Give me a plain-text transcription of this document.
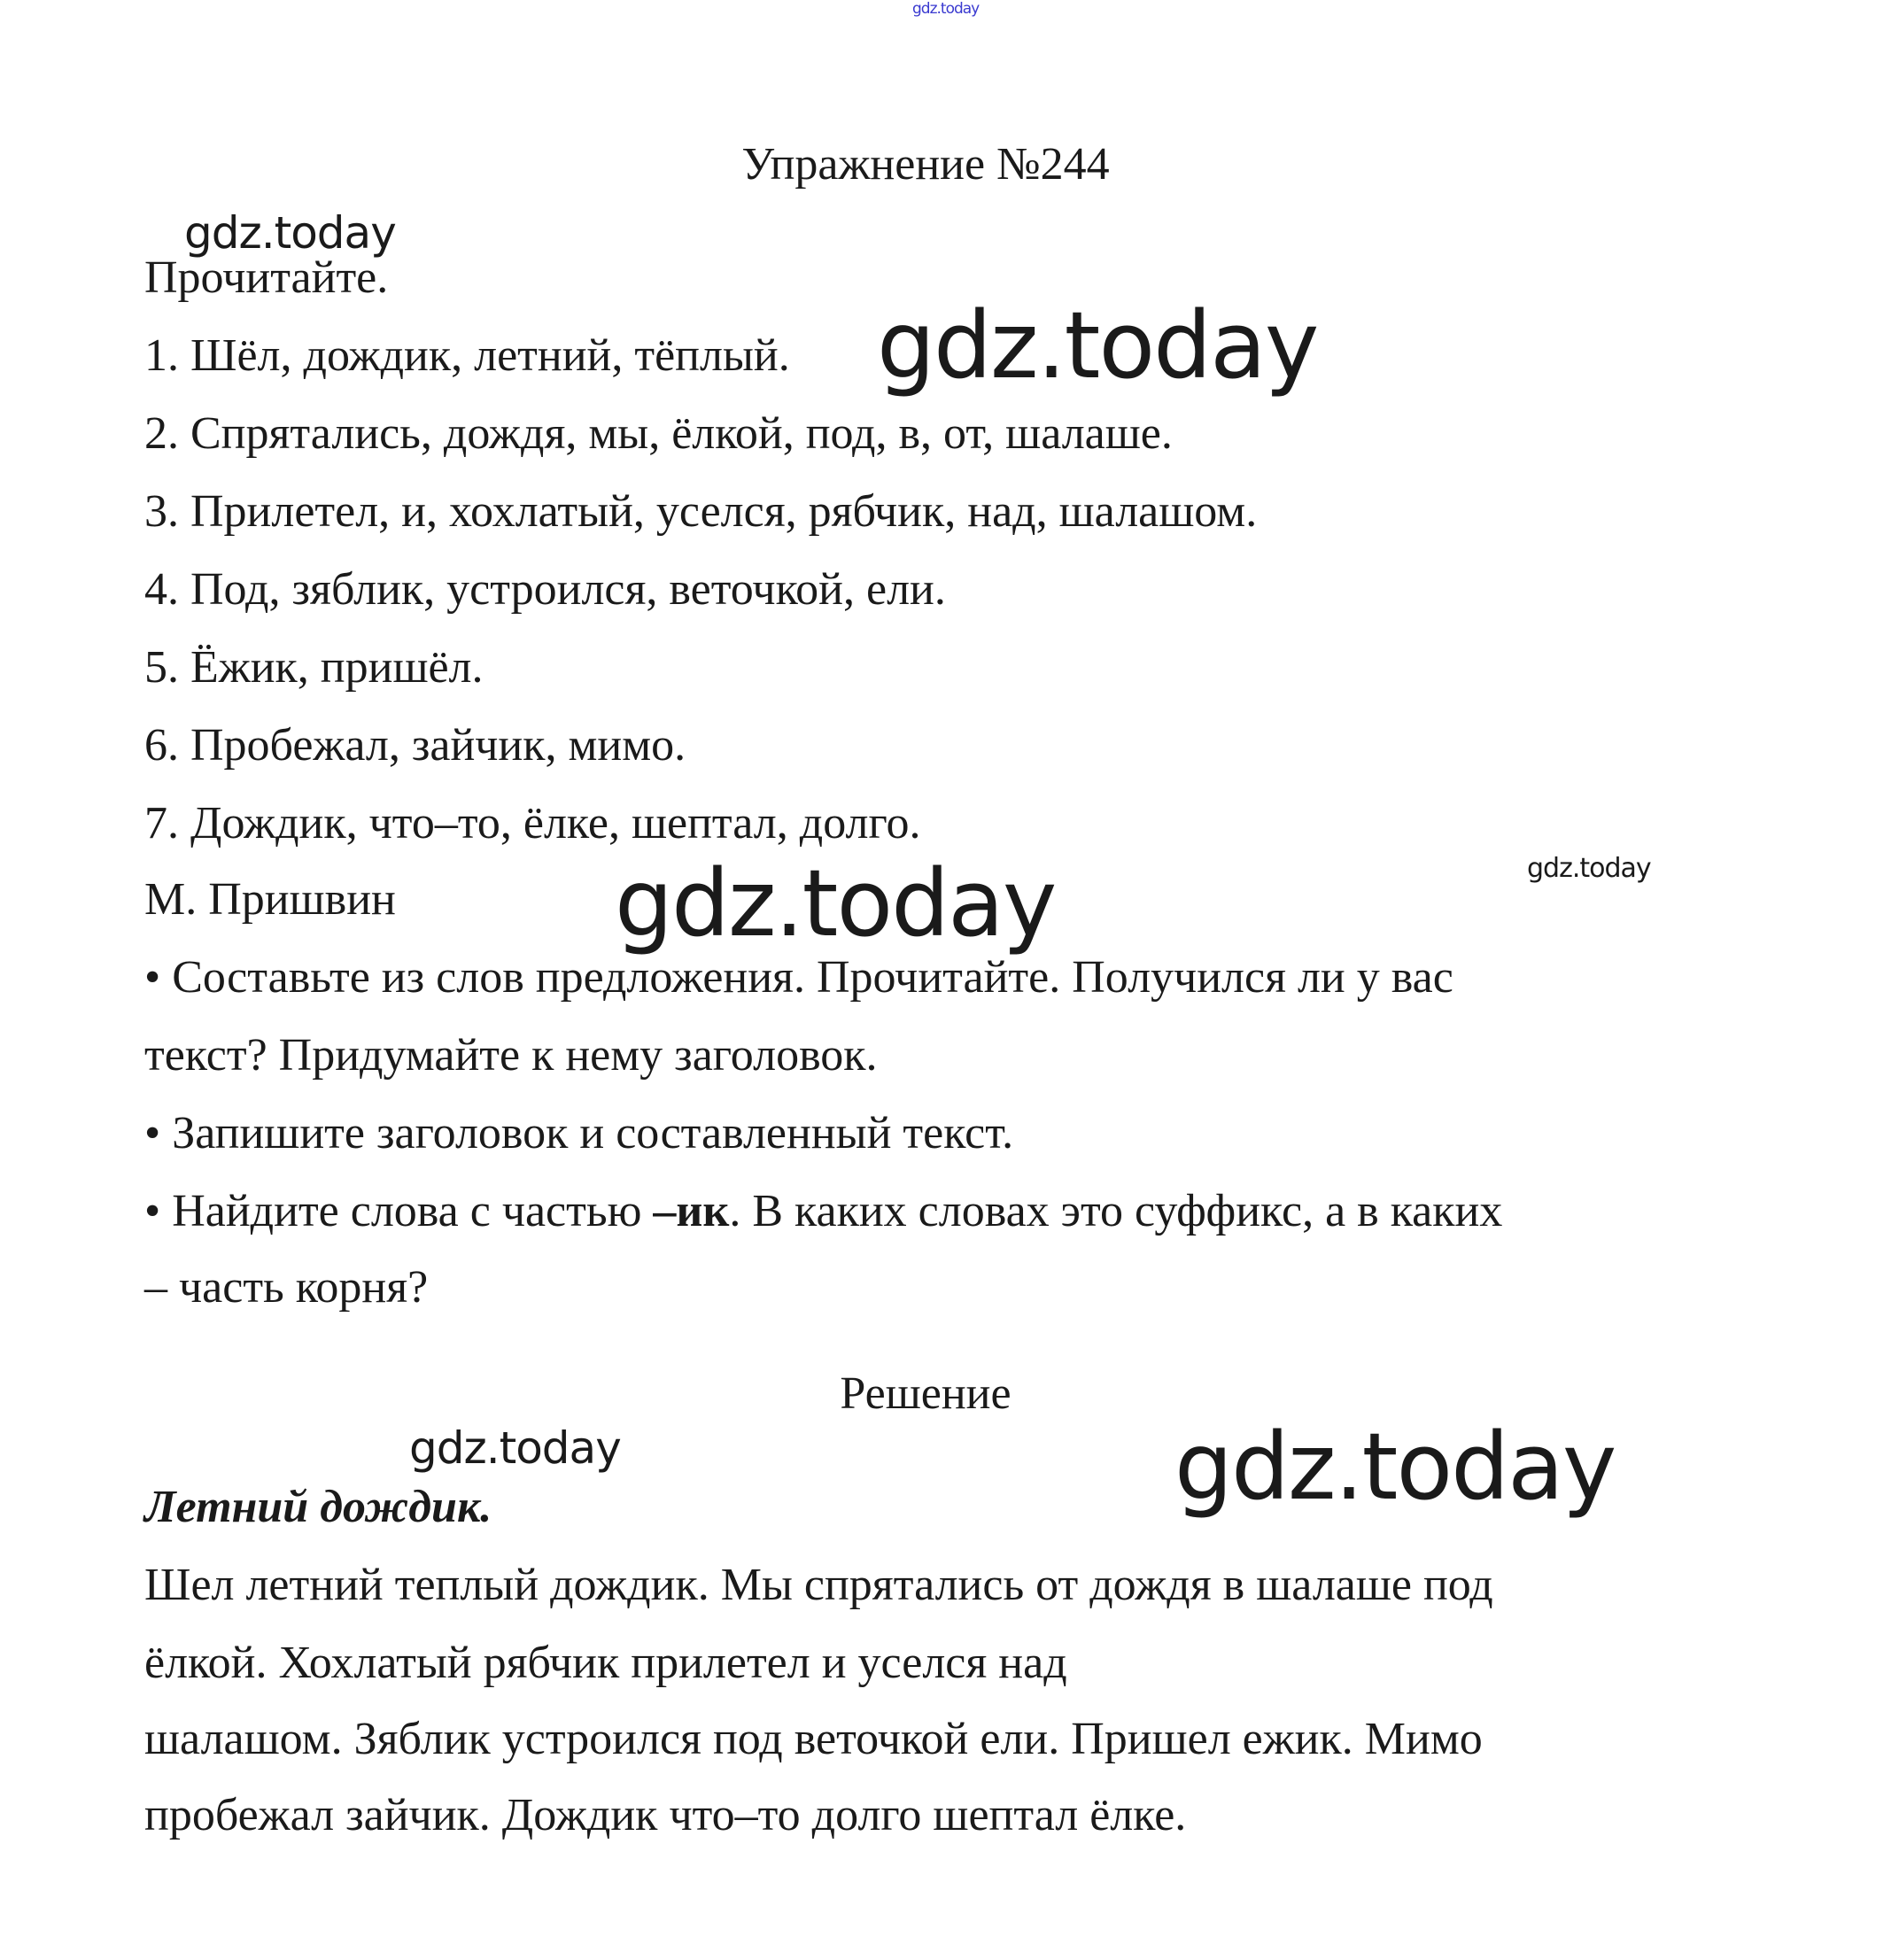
gdz.today
gdz.today
gdz.today
gdz.today
gdz.today
gdz.today	gdz.today
Упражнение №244

Прочитайте.

1. Шёл, дождик, летний, тёплый.

2. Спрятались, дождя, мы, ёлкой, под, в, от, шалаше.

3. Прилетел, и, хохлатый, уселся, рябчик, над, шалашом.

4. Под, зяблик, устроился, веточкой, ели.

5. Ёжик, пришёл.

6. Пробежал, зайчик, мимо.

7. Дождик, что–то, ёлке, шептал, долго.

М. Пришвин

• Составьте из слов предложения. Прочитайте. Получился ли у вас

текст? Придумайте к нему заголовок.

• Запишите заголовок и составленный текст.

• Найдите слова с частью –ик. В каких словах это суффикс, а в каких

– часть корня?

Решение

Летний дождик.

Шел летний теплый дождик. Мы спрятались от дождя в шалаше под

ёлкой. Хохлатый рябчик прилетел и уселся над

шалашом. Зяблик устроился под веточкой ели. Пришел ежик. Мимо

пробежал зайчик. Дождик что–то долго шептал ёлке.
